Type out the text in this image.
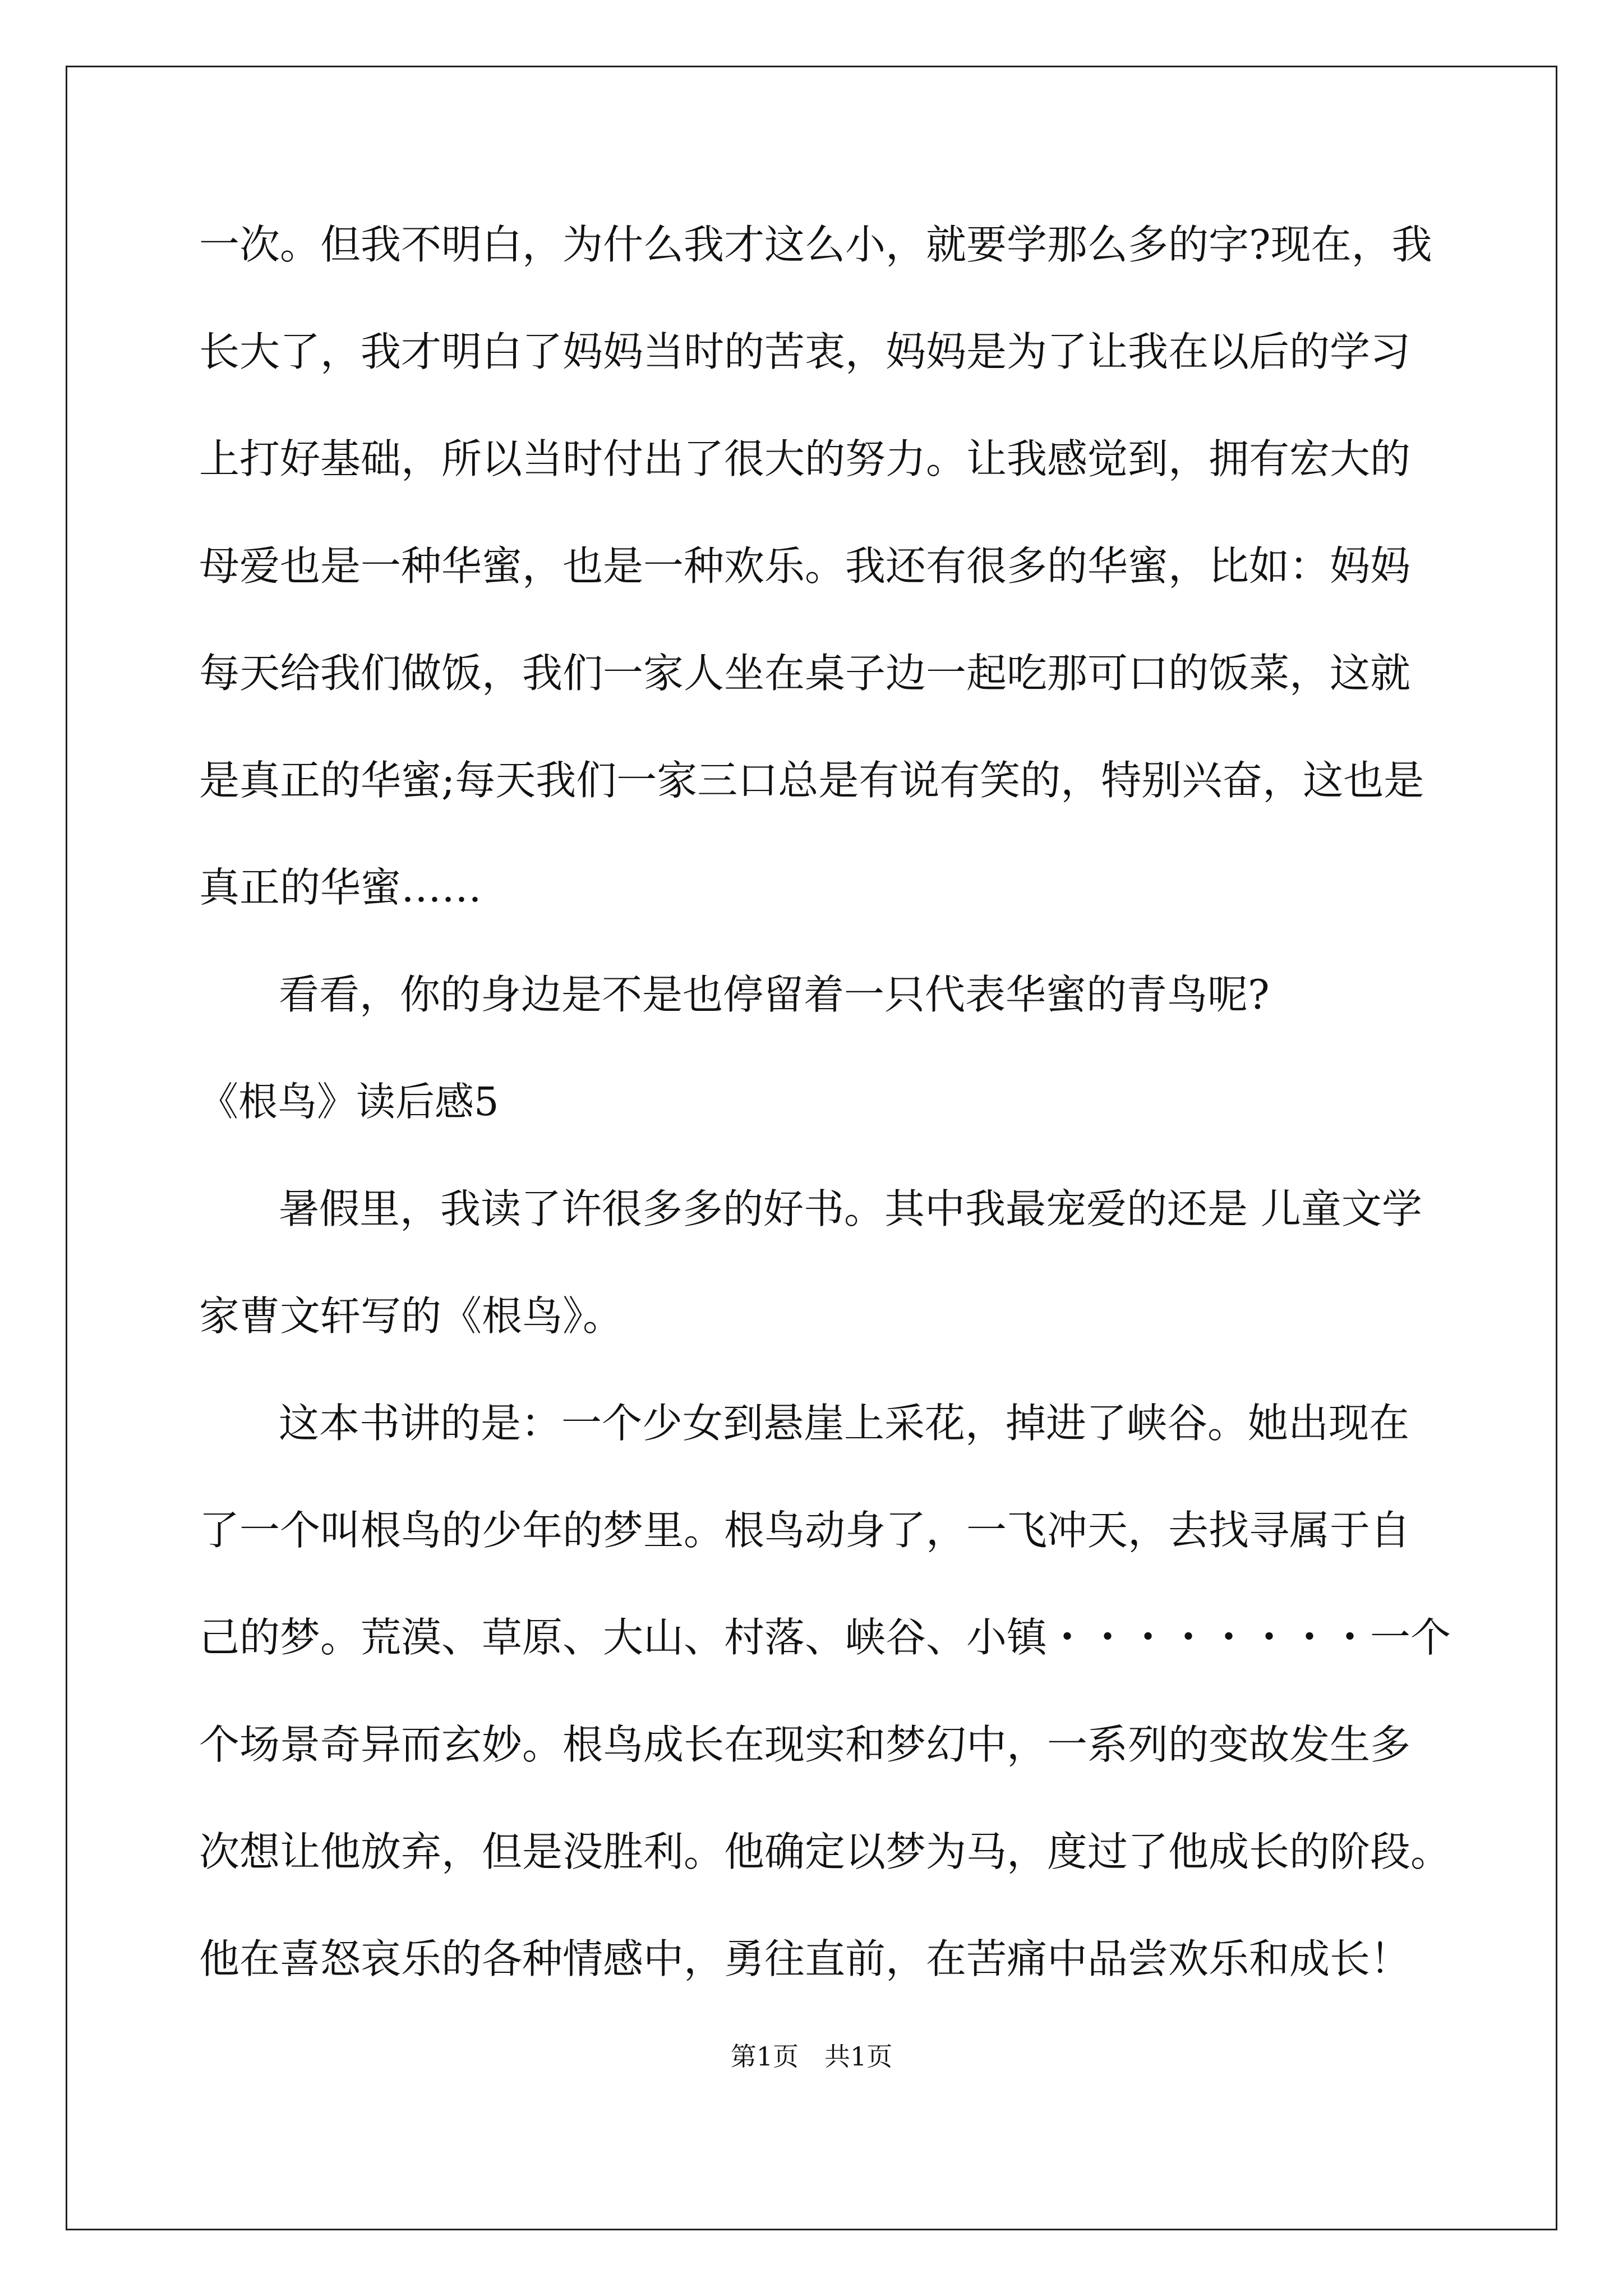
一次。但我不明白，为什么我才这么小，就要学那么多的字?现在，我
长大了，我才明白了妈妈当时的苦衷，妈妈是为了让我在以后的学习
上打好基础，所以当时付出了很大的努力。让我感觉到，拥有宏大的
母爱也是一种华蜜，也是一种欢乐。我还有很多的华蜜，比如：妈妈
每天给我们做饭，我们一家人坐在桌子边一起吃那可口的饭菜，这就
是真正的华蜜;每天我们一家三口总是有说有笑的，特别兴奋，这也是
真正的华蜜……
看看，你的身边是不是也停留着一只代表华蜜的青鸟呢?
《根鸟》读后感5
暑假里，我读了许很多多的好书。其中我最宠爱的还是 儿童文学
家曹文轩写的《根鸟》。
这本书讲的是：一个少女到悬崖上采花，掉进了峡谷。她出现在
了一个叫根鸟的少年的梦里。根鸟动身了，一飞冲天，去找寻属于自
己的梦。荒漠、草原、大山、村落、峡谷、小镇・・・・・・・・一个
个场景奇异而玄妙。根鸟成长在现实和梦幻中，一系列的变故发生多
次想让他放弃，但是没胜利。他确定以梦为马，度过了他成长的阶段。
他在喜怒哀乐的各种情感中，勇往直前，在苦痛中品尝欢乐和成长！
第1页 共1页
